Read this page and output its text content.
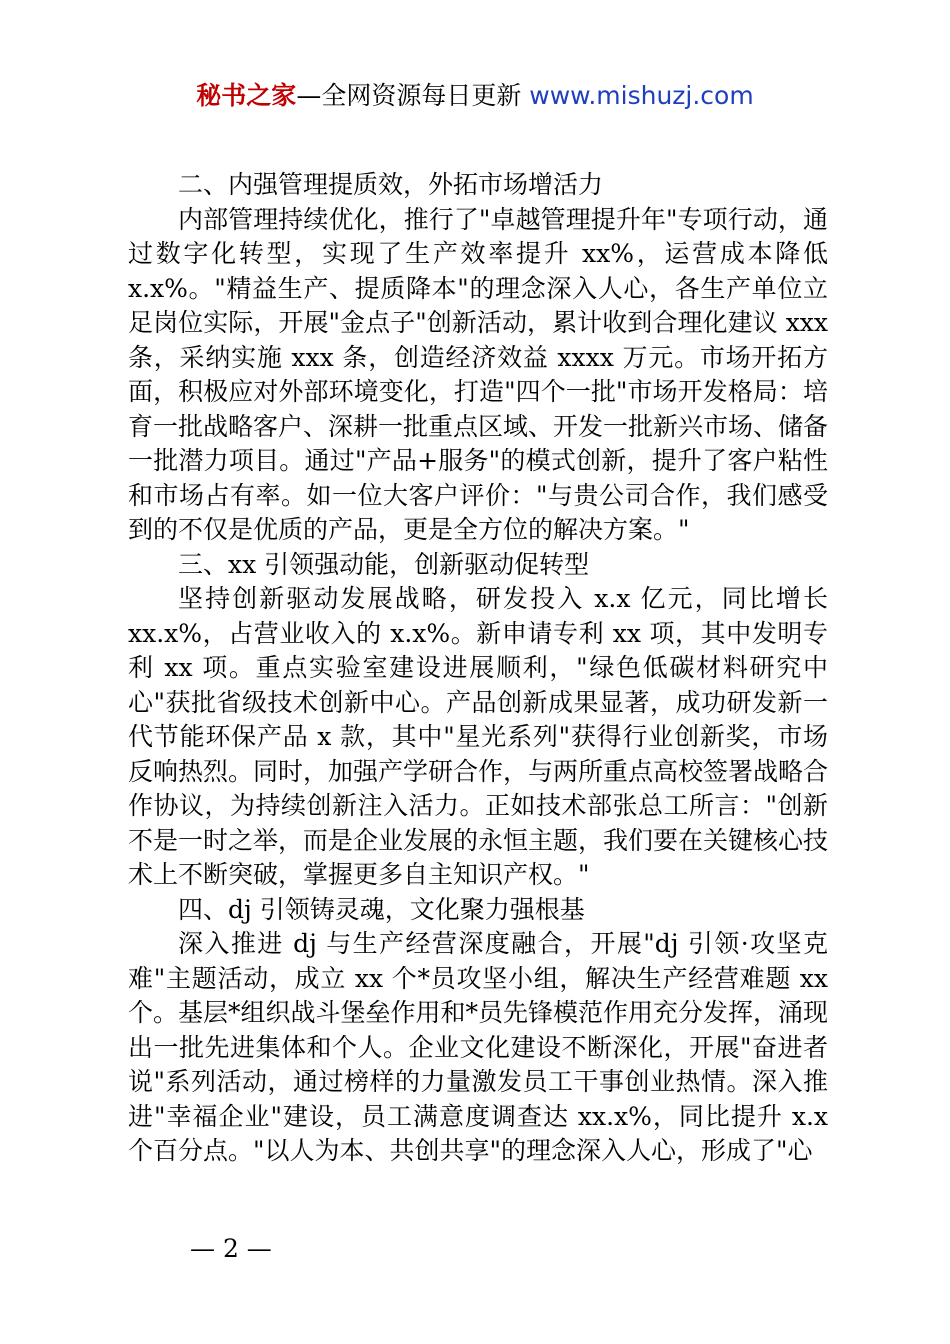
秘书之家—全网资源每日更新 www.mishuzj.com

二、内强管理提质效，外拓市场增活力

内部管理持续优化，推行了"卓越管理提升年"专项行动，通过数字化转型，实现了生产效率提升 xx%，运营成本降低 x.x%。"精益生产、提质降本"的理念深入人心，各生产单位立足岗位实际，开展"金点子"创新活动，累计收到合理化建议 xxx 条，采纳实施 xxx 条，创造经济效益 xxxx 万元。市场开拓方面，积极应对外部环境变化，打造"四个一批"市场开发格局：培育一批战略客户、深耕一批重点区域、开发一批新兴市场、储备一批潜力项目。通过"产品+服务"的模式创新，提升了客户粘性和市场占有率。如一位大客户评价："与贵公司合作，我们感受到的不仅是优质的产品，更是全方位的解决方案。"

三、xx 引领强动能，创新驱动促转型

坚持创新驱动发展战略，研发投入 x.x 亿元，同比增长 xx.x%，占营业收入的 x.x%。新申请专利 xx 项，其中发明专利 xx 项。重点实验室建设进展顺利，"绿色低碳材料研究中心"获批省级技术创新中心。产品创新成果显著，成功研发新一代节能环保产品 x 款，其中"星光系列"获得行业创新奖，市场反响热烈。同时，加强产学研合作，与两所重点高校签署战略合作协议，为持续创新注入活力。正如技术部张总工所言："创新不是一时之举，而是企业发展的永恒主题，我们要在关键核心技术上不断突破，掌握更多自主知识产权。"

四、dj 引领铸灵魂，文化聚力强根基

深入推进 dj 与生产经营深度融合，开展"dj 引领·攻坚克难"主题活动，成立 xx 个*员攻坚小组，解决生产经营难题 xx 个。基层*组织战斗堡垒作用和*员先锋模范作用充分发挥，涌现出一批先进集体和个人。企业文化建设不断深化，开展"奋进者说"系列活动，通过榜样的力量激发员工干事创业热情。深入推进"幸福企业"建设，员工满意度调查达 xx.x%，同比提升 x.x 个百分点。"以人为本、共创共享"的理念深入人心，形成了"心

— 2 —
